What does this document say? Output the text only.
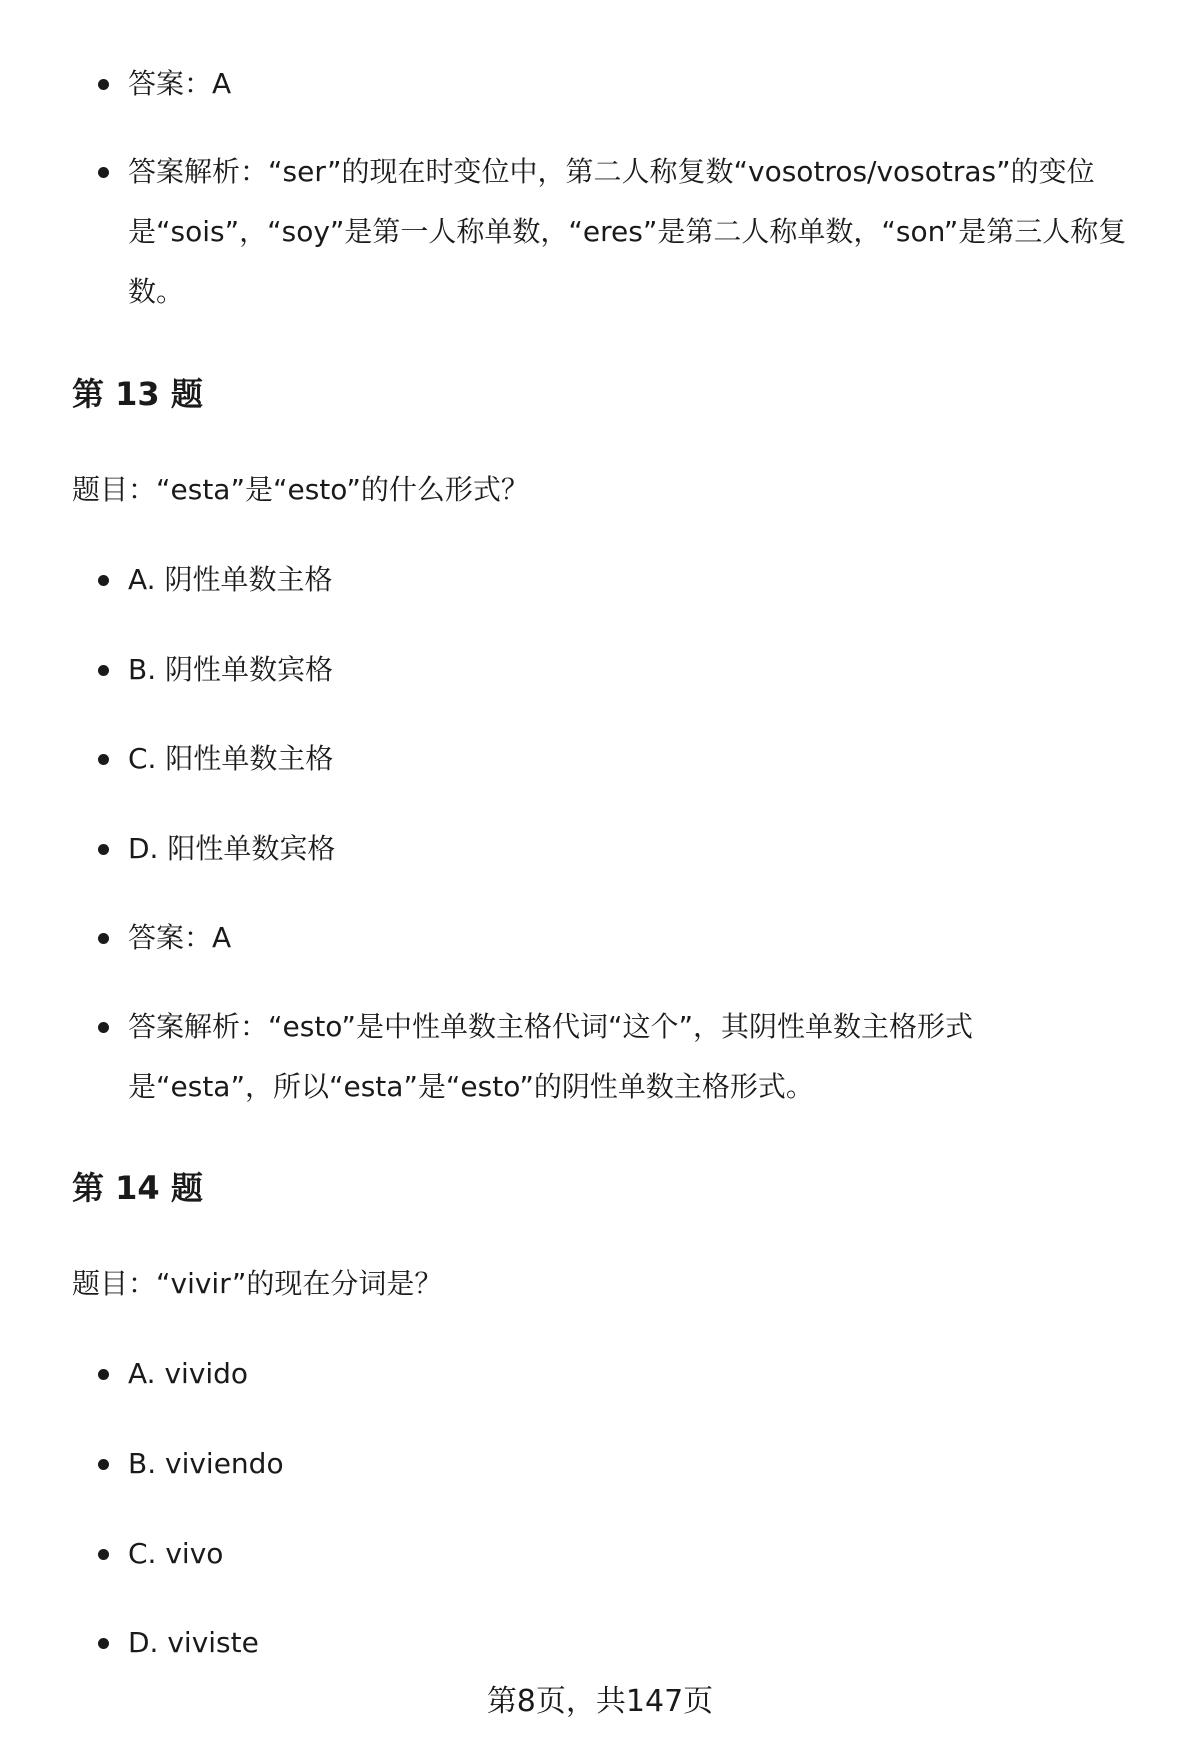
答案：A
答案解析：“ser”的现在时变位中，第二人称复数“vosotros/vosotras”的变位是“sois”，“soy”是第一人称单数，“eres”是第二人称单数，“son”是第三人称复数。
第 13 题
题目：“esta”是“esto”的什么形式？
A. 阴性单数主格
B. 阴性单数宾格
C. 阳性单数主格
D. 阳性单数宾格
答案：A
答案解析：“esto”是中性单数主格代词“这个”，其阴性单数主格形式是“esta”，所以“esta”是“esto”的阴性单数主格形式。
第 14 题
题目：“vivir”的现在分词是？
A. vivido
B. viviendo
C. vivo
D. viviste
第8页，共147页
